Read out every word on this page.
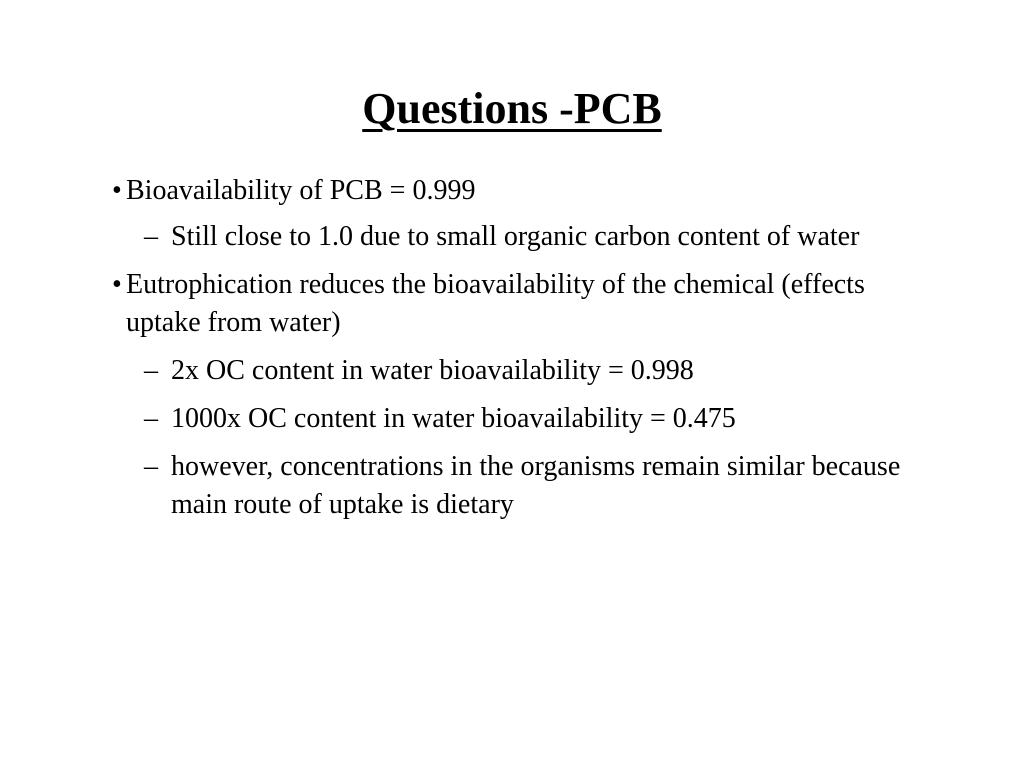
Questions -PCB
• Bioavailability of PCB = 0.999
– Still close to 1.0 due to small organic carbon content of water
• Eutrophication reduces the bioavailability of the chemical (effects uptake from water)
– 2x OC content in water bioavailability = 0.998
– 1000x OC content in water bioavailability = 0.475
– however, concentrations in the organisms remain similar because main route of uptake is dietary
